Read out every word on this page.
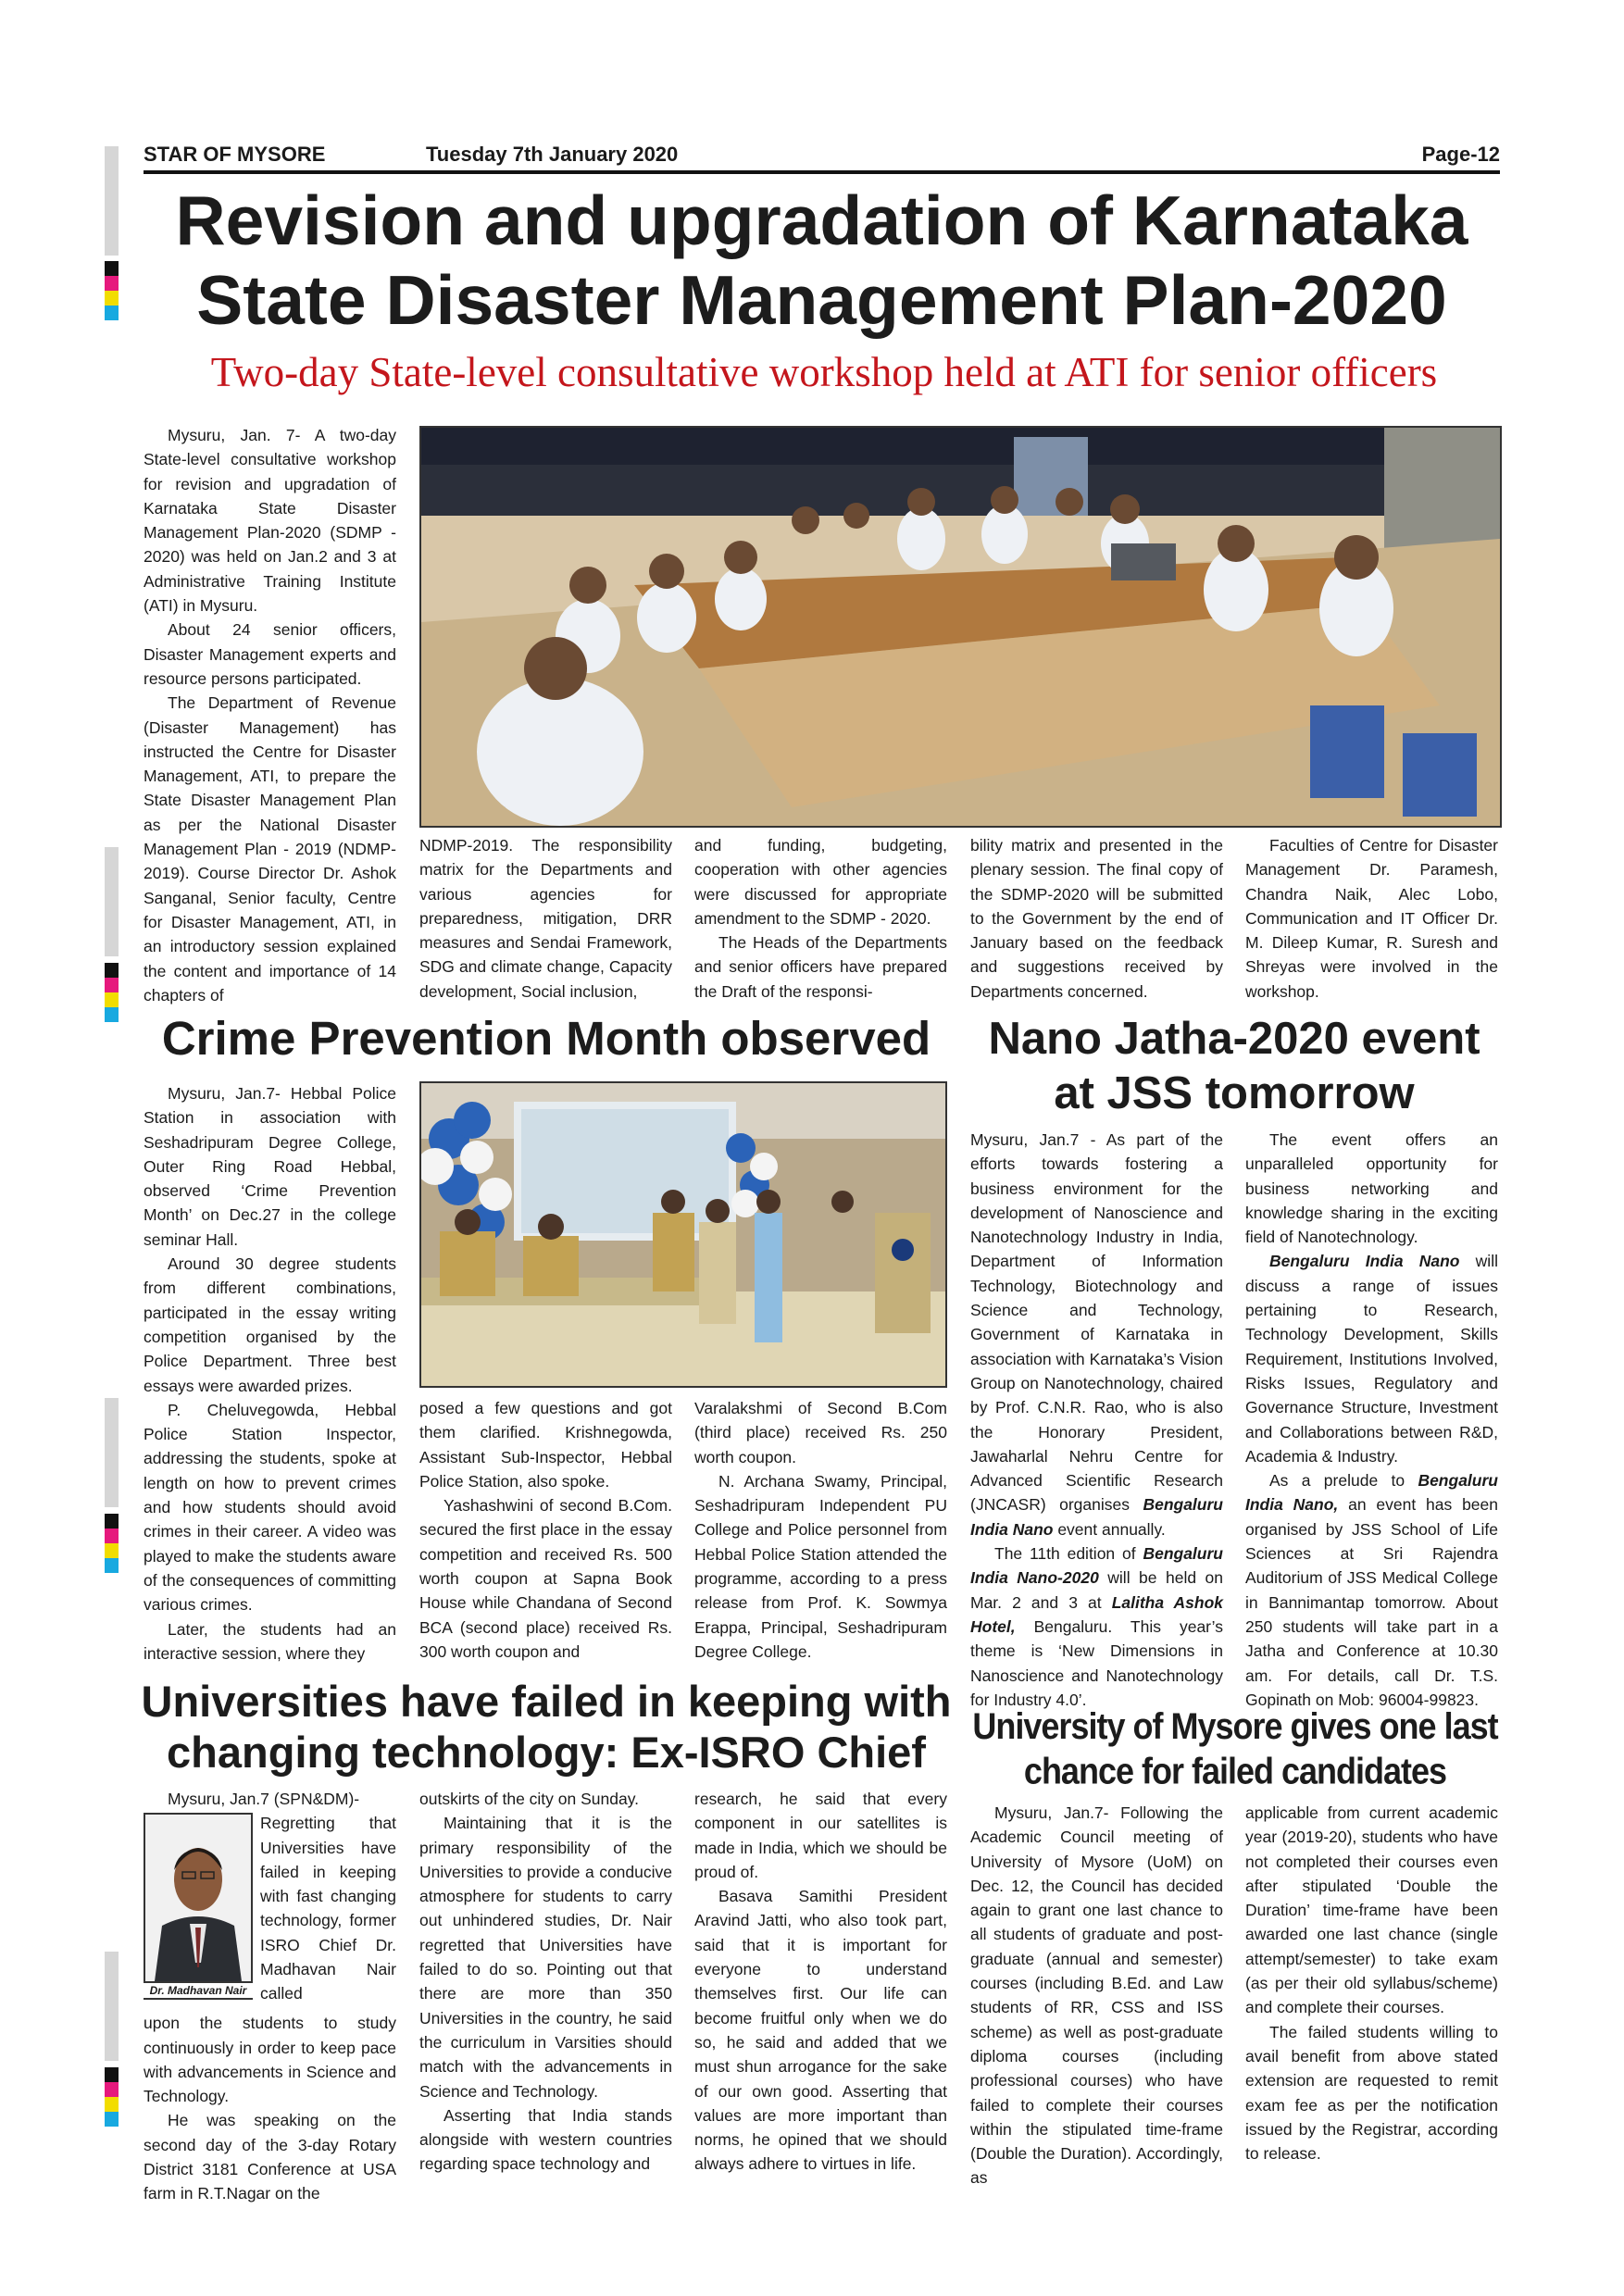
STAR OF MYSORE	Tuesday 7th January 2020	Page-12
Revision and upgradation of Karnataka
State Disaster Management Plan-2020
Two-day State-level consultative workshop held at ATI for senior officers

Mysuru, Jan. 7- A two-day State-level consultative workshop for revision and upgradation of Karnataka State Disaster Management Plan-2020 (SDMP - 2020) was held on Jan.2 and 3 at Administrative Training Institute (ATI) in Mysuru.

About 24 senior officers, Disaster Management experts and resource persons participated.

The Department of Revenue (Disaster Management) has instructed the Centre for Disaster Management, ATI, to prepare the State Disaster Management Plan as per the National Disaster Management Plan - 2019 (NDMP-2019). Course Director Dr. Ashok Sanganal, Senior faculty, Centre for Disaster Management, ATI, in an introductory session explained the content and importance of 14 chapters of

NDMP-2019. The responsibility matrix for the Departments and various agencies for preparedness, mitigation, DRR measures and Sendai Framework, SDG and climate change, Capacity development, Social inclusion,

and funding, budgeting, cooperation with other agencies were discussed for appropriate amendment to the SDMP - 2020.

The Heads of the Departments and senior officers have prepared the Draft of the responsi-

bility matrix and presented in the plenary session. The final copy of the SDMP-2020 will be submitted to the Government by the end of January based on the feedback and suggestions received by Departments concerned.

Faculties of Centre for Disaster Management Dr. Paramesh, Chandra Naik, Alec Lobo, Communication and IT Officer Dr. M. Dileep Kumar, R. Suresh and Shreyas were involved in the workshop.

Crime Prevention Month observed

Mysuru, Jan.7- Hebbal Police Station in association with Seshadripuram Degree College, Outer Ring Road Hebbal, observed ‘Crime Prevention Month’ on Dec.27 in the college seminar Hall.

Around 30 degree students from different combinations, participated in the essay writing competition organised by the Police Department. Three best essays were awarded prizes.

P. Cheluvegowda, Hebbal Police Station Inspector, addressing the students, spoke at length on how to prevent crimes and how students should avoid crimes in their career. A video was played to make the students aware of the consequences of committing various crimes.

Later, the students had an interactive session, where they

posed a few questions and got them clarified. Krishnegowda, Assistant Sub-Inspector, Hebbal Police Station, also spoke.

Yashashwini of second B.Com. secured the first place in the essay competition and received Rs. 500 worth coupon at Sapna Book House while Chandana of Second BCA (second place) received Rs. 300 worth coupon and

Varalakshmi of Second B.Com (third place) received Rs. 250 worth coupon.

N. Archana Swamy, Principal, Seshadripuram Independent PU College and Police personnel from Hebbal Police Station attended the programme, according to a press release from Prof. K. Sowmya Erappa, Principal, Seshadripuram Degree College.

Nano Jatha-2020 event
at JSS tomorrow

Mysuru, Jan.7 - As part of the efforts towards fostering a business environment for the development of Nanoscience and Nanotechnology Industry in India, Department of Information Technology, Biotechnology and Science and Technology, Government of Karnataka in association with Karnataka’s Vision Group on Nanotechnology, chaired by Prof. C.N.R. Rao, who is also the Honorary President, Jawaharlal Nehru Centre for Advanced Scientific Research (JNCASR) organises Bengaluru India Nano event annually.

The 11th edition of Bengaluru India Nano-2020 will be held on Mar. 2 and 3 at Lalitha Ashok Hotel, Bengaluru. This year’s theme is ‘New Dimensions in Nanoscience and Nanotechnology for Industry 4.0’.

The event offers an unparalleled opportunity for business networking and knowledge sharing in the exciting field of Nanotechnology.

Bengaluru India Nano will discuss a range of issues pertaining to Research, Technology Development, Skills Requirement, Institutions Involved, Risks Issues, Regulatory and Governance Structure, Investment and Collaborations between R&D, Academia & Industry.

As a prelude to Bengaluru India Nano, an event has been organised by JSS School of Life Sciences at Sri Rajendra Auditorium of JSS Medical College in Bannimantap tomorrow. About 250 students will take part in a Jatha and Conference at 10.30 am. For details, call Dr. T.S. Gopinath on Mob: 96004-99823.

Universities have failed in keeping with
changing technology: Ex-ISRO Chief

Mysuru, Jan.7 (SPN&DM)-

Dr. Madhavan Nair

Regretting that Universities have failed in keeping with fast changing technology, former ISRO Chief Dr. Madhavan Nair called

upon the students to study continuously in order to keep pace with advancements in Science and Technology.

He was speaking on the second day of the 3-day Rotary District 3181 Conference at USA farm in R.T.Nagar on the

outskirts of the city on Sunday.

Maintaining that it is the primary responsibility of the Universities to provide a conducive atmosphere for students to carry out unhindered studies, Dr. Nair regretted that Universities have failed to do so. Pointing out that there are more than 350 Universities in the country, he said the curriculum in Varsities should match with the advancements in Science and Technology.

Asserting that India stands alongside with western countries regarding space technology and

research, he said that every component in our satellites is made in India, which we should be proud of.

Basava Samithi President Aravind Jatti, who also took part, said that it is important for everyone to understand themselves first. Our life can become fruitful only when we do so, he said and added that we must shun arrogance for the sake of our own good. Asserting that values are more important than norms, he opined that we should always adhere to virtues in life.

University of Mysore gives one last
chance for failed candidates

Mysuru, Jan.7- Following the Academic Council meeting of University of Mysore (UoM) on Dec. 12, the Council has decided again to grant one last chance to all students of graduate and post-graduate (annual and semester) courses (including B.Ed. and Law students of RR, CSS and ISS scheme) as well as post-graduate diploma courses (including professional courses) who have failed to complete their courses within the stipulated time-frame (Double the Duration). Accordingly, as

applicable from current academic year (2019-20), students who have not completed their courses even after stipulated ‘Double the Duration’ time-frame have been awarded one last chance (single attempt/semester) to take exam (as per their old syllabus/scheme) and complete their courses.

The failed students willing to avail benefit from above stated extension are requested to remit exam fee as per the notification issued by the Registrar, according to release.
